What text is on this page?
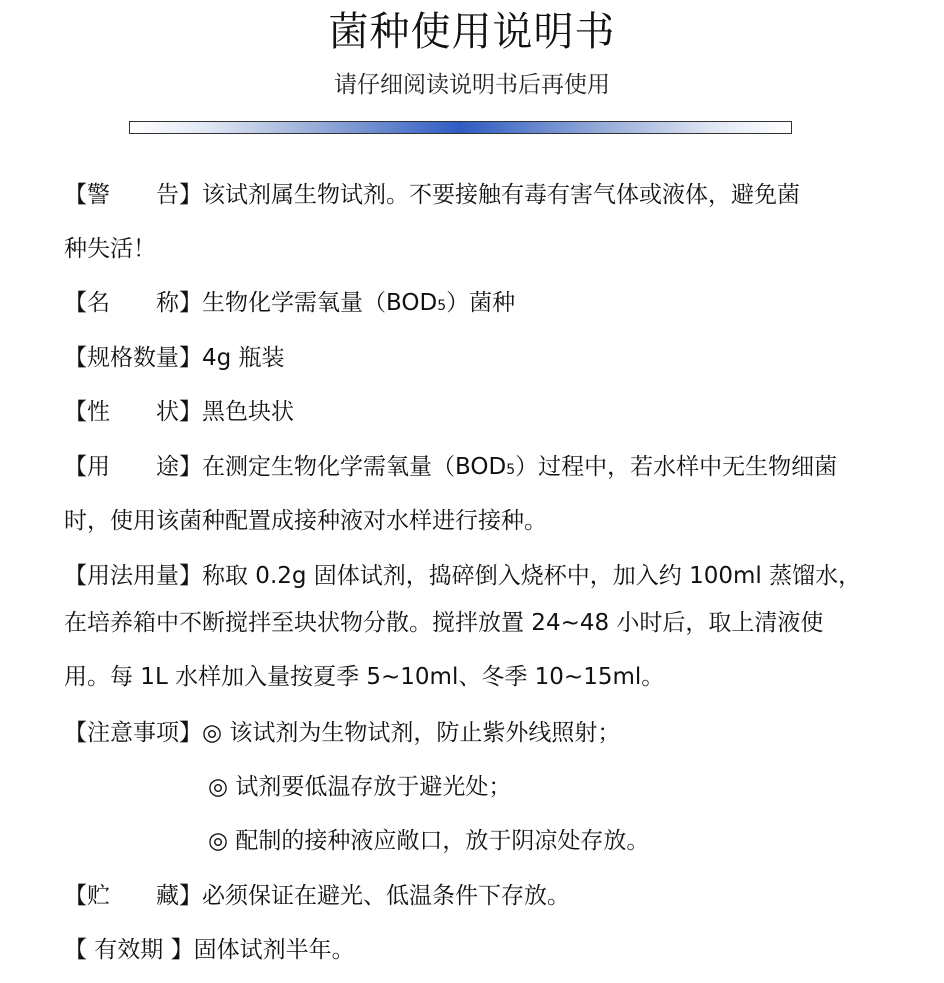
菌种使用说明书
请仔细阅读说明书后再使用
【警　　告】该试剂属生物试剂。不要接触有毒有害气体或液体，避免菌
种失活！
【名　　称】生物化学需氧量（BOD5）菌种
【规格数量】4g 瓶装
【性　　状】黑色块状
【用　　途】在测定生物化学需氧量（BOD5）过程中，若水样中无生物细菌
时，使用该菌种配置成接种液对水样进行接种。
【用法用量】称取 0.2g 固体试剂，捣碎倒入烧杯中，加入约 100ml 蒸馏水，
在培养箱中不断搅拌至块状物分散。搅拌放置 24~48 小时后，取上清液使
用。每 1L 水样加入量按夏季 5~10ml、冬季 10~15ml。
【注意事项】◎ 该试剂为生物试剂，防止紫外线照射；
◎ 试剂要低温存放于避光处；
◎ 配制的接种液应敞口，放于阴凉处存放。
【贮　　藏】必须保证在避光、低温条件下存放。
【 有效期 】固体试剂半年。
